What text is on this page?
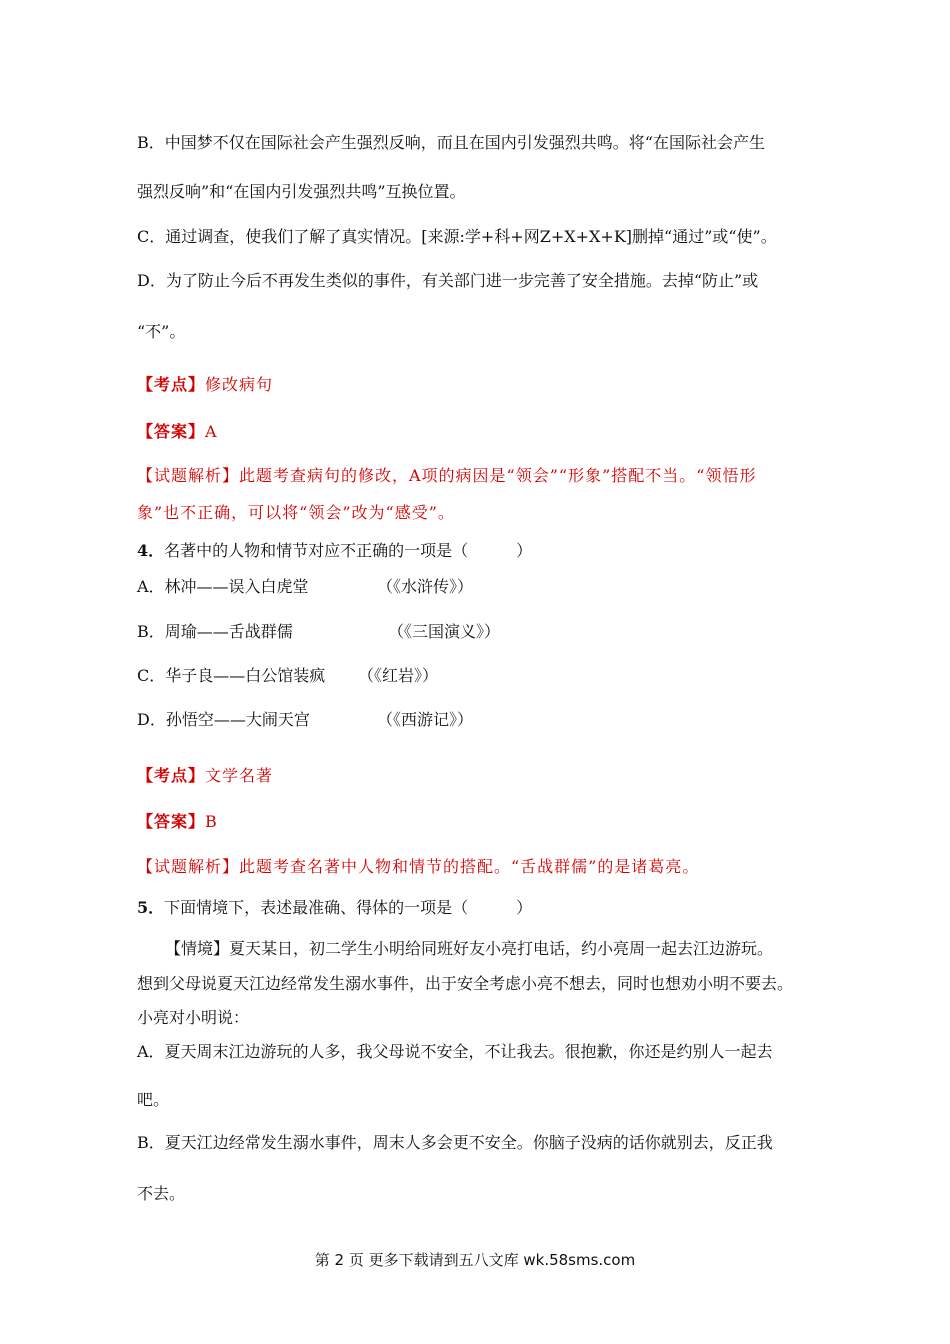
B．中国梦不仅在国际社会产生强烈反响，而且在国内引发强烈共鸣。将“在国际社会产生
强烈反响”和“在国内引发强烈共鸣”互换位置。
C．通过调查，使我们了解了真实情况。[来源:学+科+网Z+X+X+K]删掉“通过”或“使”。
D．为了防止今后不再发生类似的事件，有关部门进一步完善了安全措施。去掉“防止”或
“不”。
【考点】修改病句
【答案】A
【试题解析】此题考查病句的修改，A项的病因是“领会”“形象”搭配不当。“领悟形
象”也不正确，可以将“领会”改为“感受”。
4．名著中的人物和情节对应不正确的一项是（　　　）
A．林冲——误入白虎堂	（《水浒传》）
B．周瑜——舌战群儒	（《三国演义》）
C．华子良——白公馆装疯 （《红岩》）
D．孙悟空——大闹天宫	（《西游记》）
【考点】文学名著
【答案】B
【试题解析】此题考查名著中人物和情节的搭配。“舌战群儒”的是诸葛亮。
5．下面情境下，表述最准确、得体的一项是（　　　）
【情境】夏天某日，初二学生小明给同班好友小亮打电话，约小亮周一起去江边游玩。
想到父母说夏天江边经常发生溺水事件，出于安全考虑小亮不想去，同时也想劝小明不要去。
小亮对小明说：
A．夏天周末江边游玩的人多，我父母说不安全，不让我去。很抱歉，你还是约别人一起去
吧。
B．夏天江边经常发生溺水事件，周末人多会更不安全。你脑子没病的话你就别去，反正我
不去。
第 2 页 更多下载请到五八文库 wk.58sms.com
